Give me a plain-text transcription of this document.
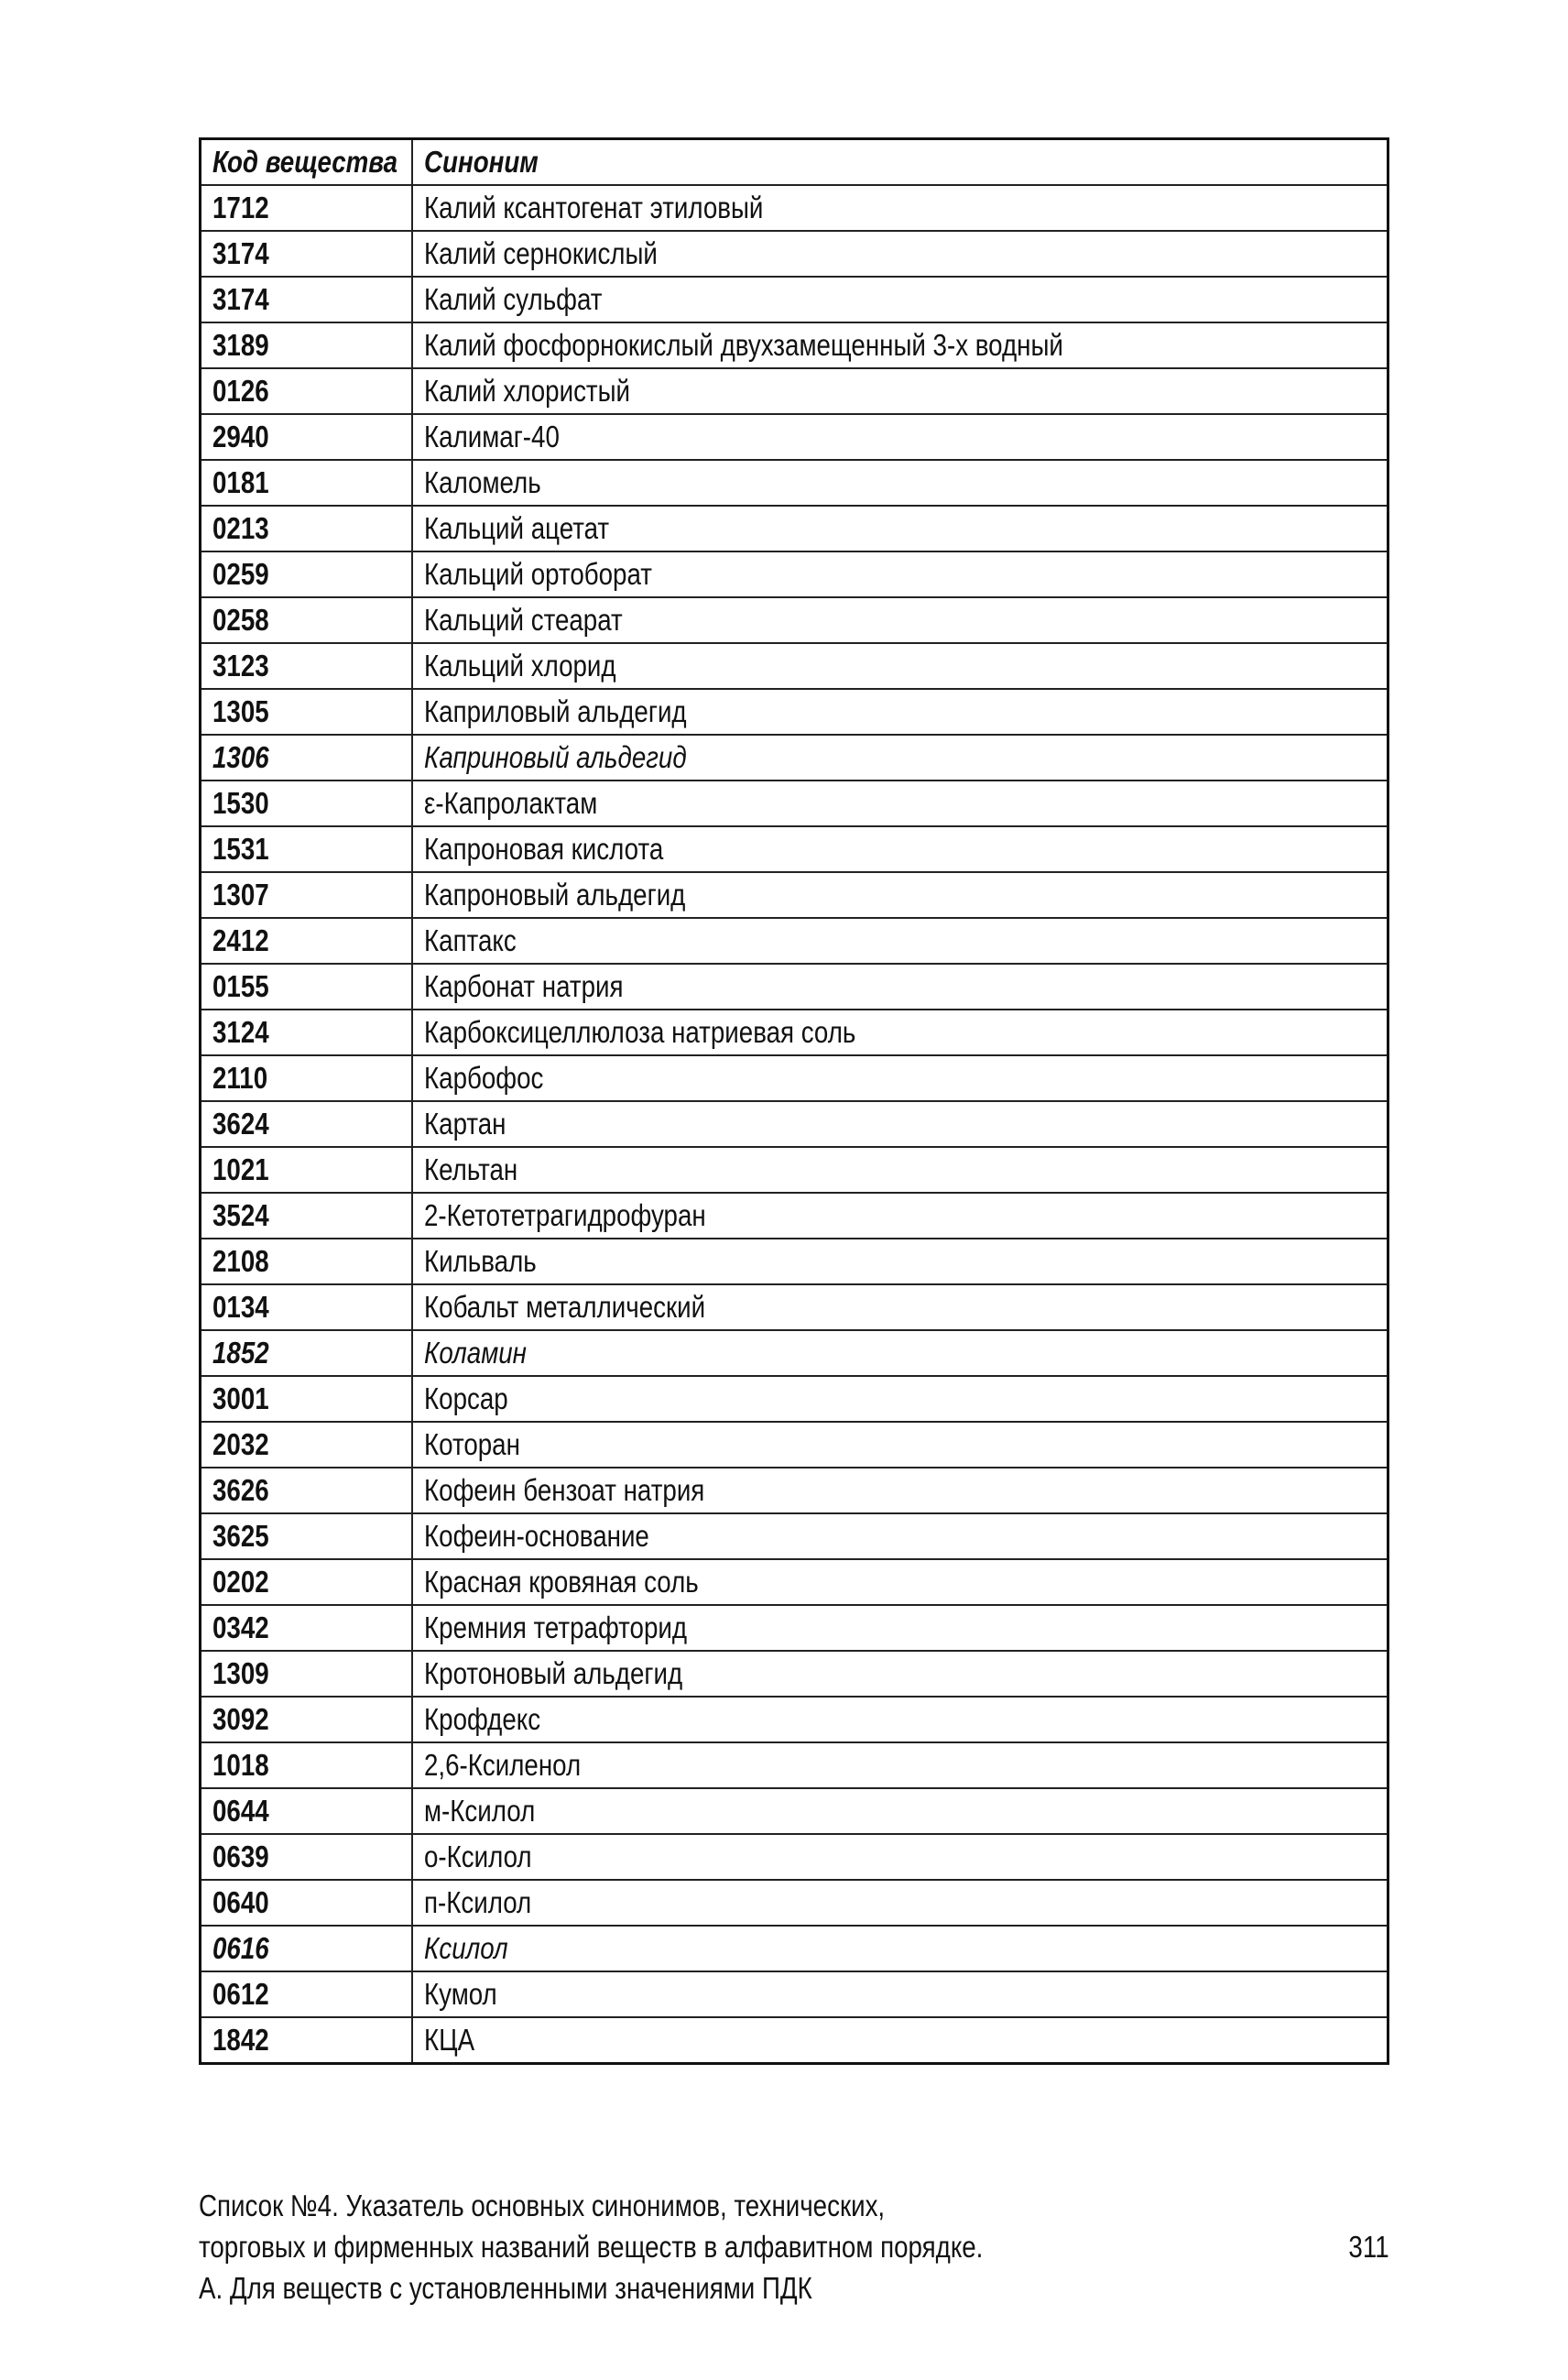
Код вещества	Синоним
1712	Калий ксантогенат этиловый
3174	Калий сернокислый
3174	Калий сульфат
3189	Калий фосфорнокислый двухзамещенный 3-х водный
0126	Калий хлористый
2940	Калимаг-40
0181	Каломель
0213	Кальций ацетат
0259	Кальций ортоборат
0258	Кальций стеарат
3123	Кальций хлорид
1305	Каприловый альдегид
1306	Каприновый альдегид
1530	ε-Капролактам
1531	Капроновая кислота
1307	Капроновый альдегид
2412	Каптакс
0155	Карбонат натрия
3124	Карбоксицеллюлоза натриевая соль
2110	Карбофос
3624	Картан
1021	Кельтан
3524	2-Кетотетрагидрофуран
2108	Кильваль
0134	Кобальт металлический
1852	Коламин
3001	Корсар
2032	Которан
3626	Кофеин бензоат натрия
3625	Кофеин-основание
0202	Красная кровяная соль
0342	Кремния тетрафторид
1309	Кротоновый альдегид
3092	Крофдекс
1018	2,6-Ксиленол
0644	м-Ксилол
0639	о-Ксилол
0640	п-Ксилол
0616	Ксилол
0612	Кумол
1842	КЦА
Список №4. Указатель основных синонимов, технических,
торговых и фирменных названий веществ в алфавитном порядке.
А. Для веществ с установленными значениями ПДК
311
